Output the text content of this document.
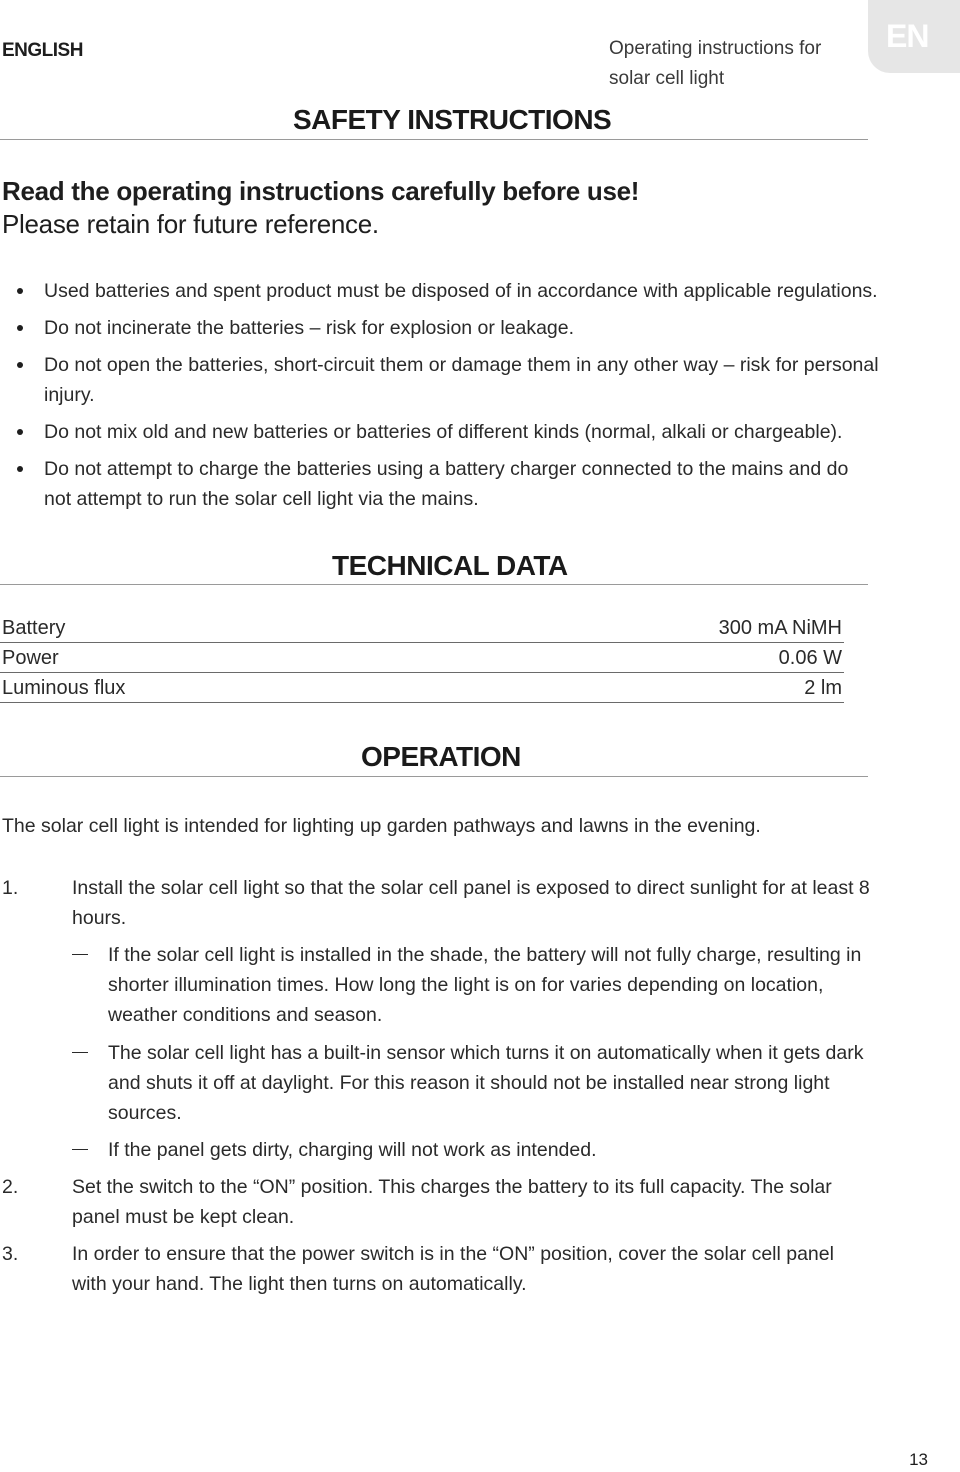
ENGLISH	Operating instructions for solar cell light
EN
SAFETY INSTRUCTIONS
Read the operating instructions carefully before use!
Please retain for future reference.
Used batteries and spent product must be disposed of in accordance with applicable regulations.
Do not incinerate the batteries – risk for explosion or leakage.
Do not open the batteries, short-circuit them or damage them in any other way – risk for personal injury.
Do not mix old and new batteries or batteries of different kinds (normal, alkali or chargeable).
Do not attempt to charge the batteries using a battery charger connected to the mains and do not attempt to run the solar cell light via the mains.
TECHNICAL DATA
Battery	300 mA NiMH
Power	0.06 W
Luminous flux	2 lm
OPERATION
The solar cell light is intended for lighting up garden pathways and lawns in the evening.
1.	Install the solar cell light so that the solar cell panel is exposed to direct sunlight for at least 8 hours.
If the solar cell light is installed in the shade, the battery will not fully charge, resulting in shorter illumination times. How long the light is on for varies depending on location, weather conditions and season.
The solar cell light has a built-in sensor which turns it on automatically when it gets dark and shuts it off at daylight. For this reason it should not be installed near strong light sources.
If the panel gets dirty, charging will not work as intended.
2.	Set the switch to the “ON” position. This charges the battery to its full capacity. The solar panel must be kept clean.
3.	In order to ensure that the power switch is in the “ON” position, cover the solar cell panel with your hand. The light then turns on automatically.
13
